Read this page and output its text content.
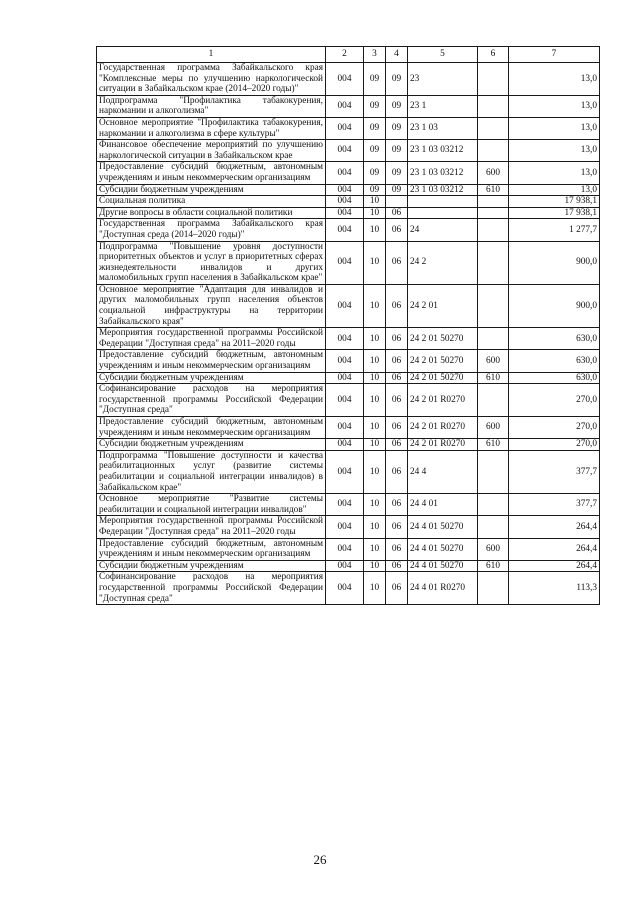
1	2	3	4	5	6	7
Государственная программа Забайкальского края "Комплексные меры по улучшению наркологической ситуации в Забайкальском крае (2014–2020 годы)"	004	09	09	23		13,0
Подпрограмма "Профилактика табакокурения, наркомании и алкоголизма"	004	09	09	23 1		13,0
Основное мероприятие "Профилактика табакокурения, наркомании и алкоголизма в сфере культуры"	004	09	09	23 1 03		13,0
Финансовое обеспечение мероприятий по улучшению наркологической ситуации в Забайкальском крае	004	09	09	23 1 03 03212		13,0
Предоставление субсидий бюджетным, автономным учреждениям и иным некоммерческим организациям	004	09	09	23 1 03 03212	600	13,0
Субсидии бюджетным учреждениям	004	09	09	23 1 03 03212	610	13,0
Социальная политика	004	10				17 938,1
Другие вопросы в области социальной политики	004	10	06			17 938,1
Государственная программа Забайкальского края "Доступная среда (2014–2020 годы)"	004	10	06	24		1 277,7
Подпрограмма "Повышение уровня доступности приоритетных объектов и услуг в приоритетных сферах жизнедеятельности инвалидов и других маломобильных групп населения в Забайкальском крае"	004	10	06	24 2		900,0
Основное мероприятие "Адаптация для инвалидов и других маломобильных групп населения объектов социальной инфраструктуры на территории Забайкальского края"	004	10	06	24 2 01		900,0
Мероприятия государственной программы Российской Федерации "Доступная среда" на 2011–2020 годы	004	10	06	24 2 01 50270		630,0
Предоставление субсидий бюджетным, автономным учреждениям и иным некоммерческим организациям	004	10	06	24 2 01 50270	600	630,0
Субсидии бюджетным учреждениям	004	10	06	24 2 01 50270	610	630,0
Софинансирование расходов на мероприятия государственной программы Российской Федерации "Доступная среда"	004	10	06	24 2 01 R0270		270,0
Предоставление субсидий бюджетным, автономным учреждениям и иным некоммерческим организациям	004	10	06	24 2 01 R0270	600	270,0
Субсидии бюджетным учреждениям	004	10	06	24 2 01 R0270	610	270,0
Подпрограмма "Повышение доступности и качества реабилитационных услуг (развитие системы реабилитации и социальной интеграции инвалидов) в Забайкальском крае"	004	10	06	24 4		377,7
Основное мероприятие "Развитие системы реабилитации и социальной интеграции инвалидов"	004	10	06	24 4 01		377,7
Мероприятия государственной программы Российской Федерации "Доступная среда" на 2011–2020 годы	004	10	06	24 4 01 50270		264,4
Предоставление субсидий бюджетным, автономным учреждениям и иным некоммерческим организациям	004	10	06	24 4 01 50270	600	264,4
Субсидии бюджетным учреждениям	004	10	06	24 4 01 50270	610	264,4
Софинансирование расходов на мероприятия государственной программы Российской Федерации "Доступная среда"	004	10	06	24 4 01 R0270		113,3
26
